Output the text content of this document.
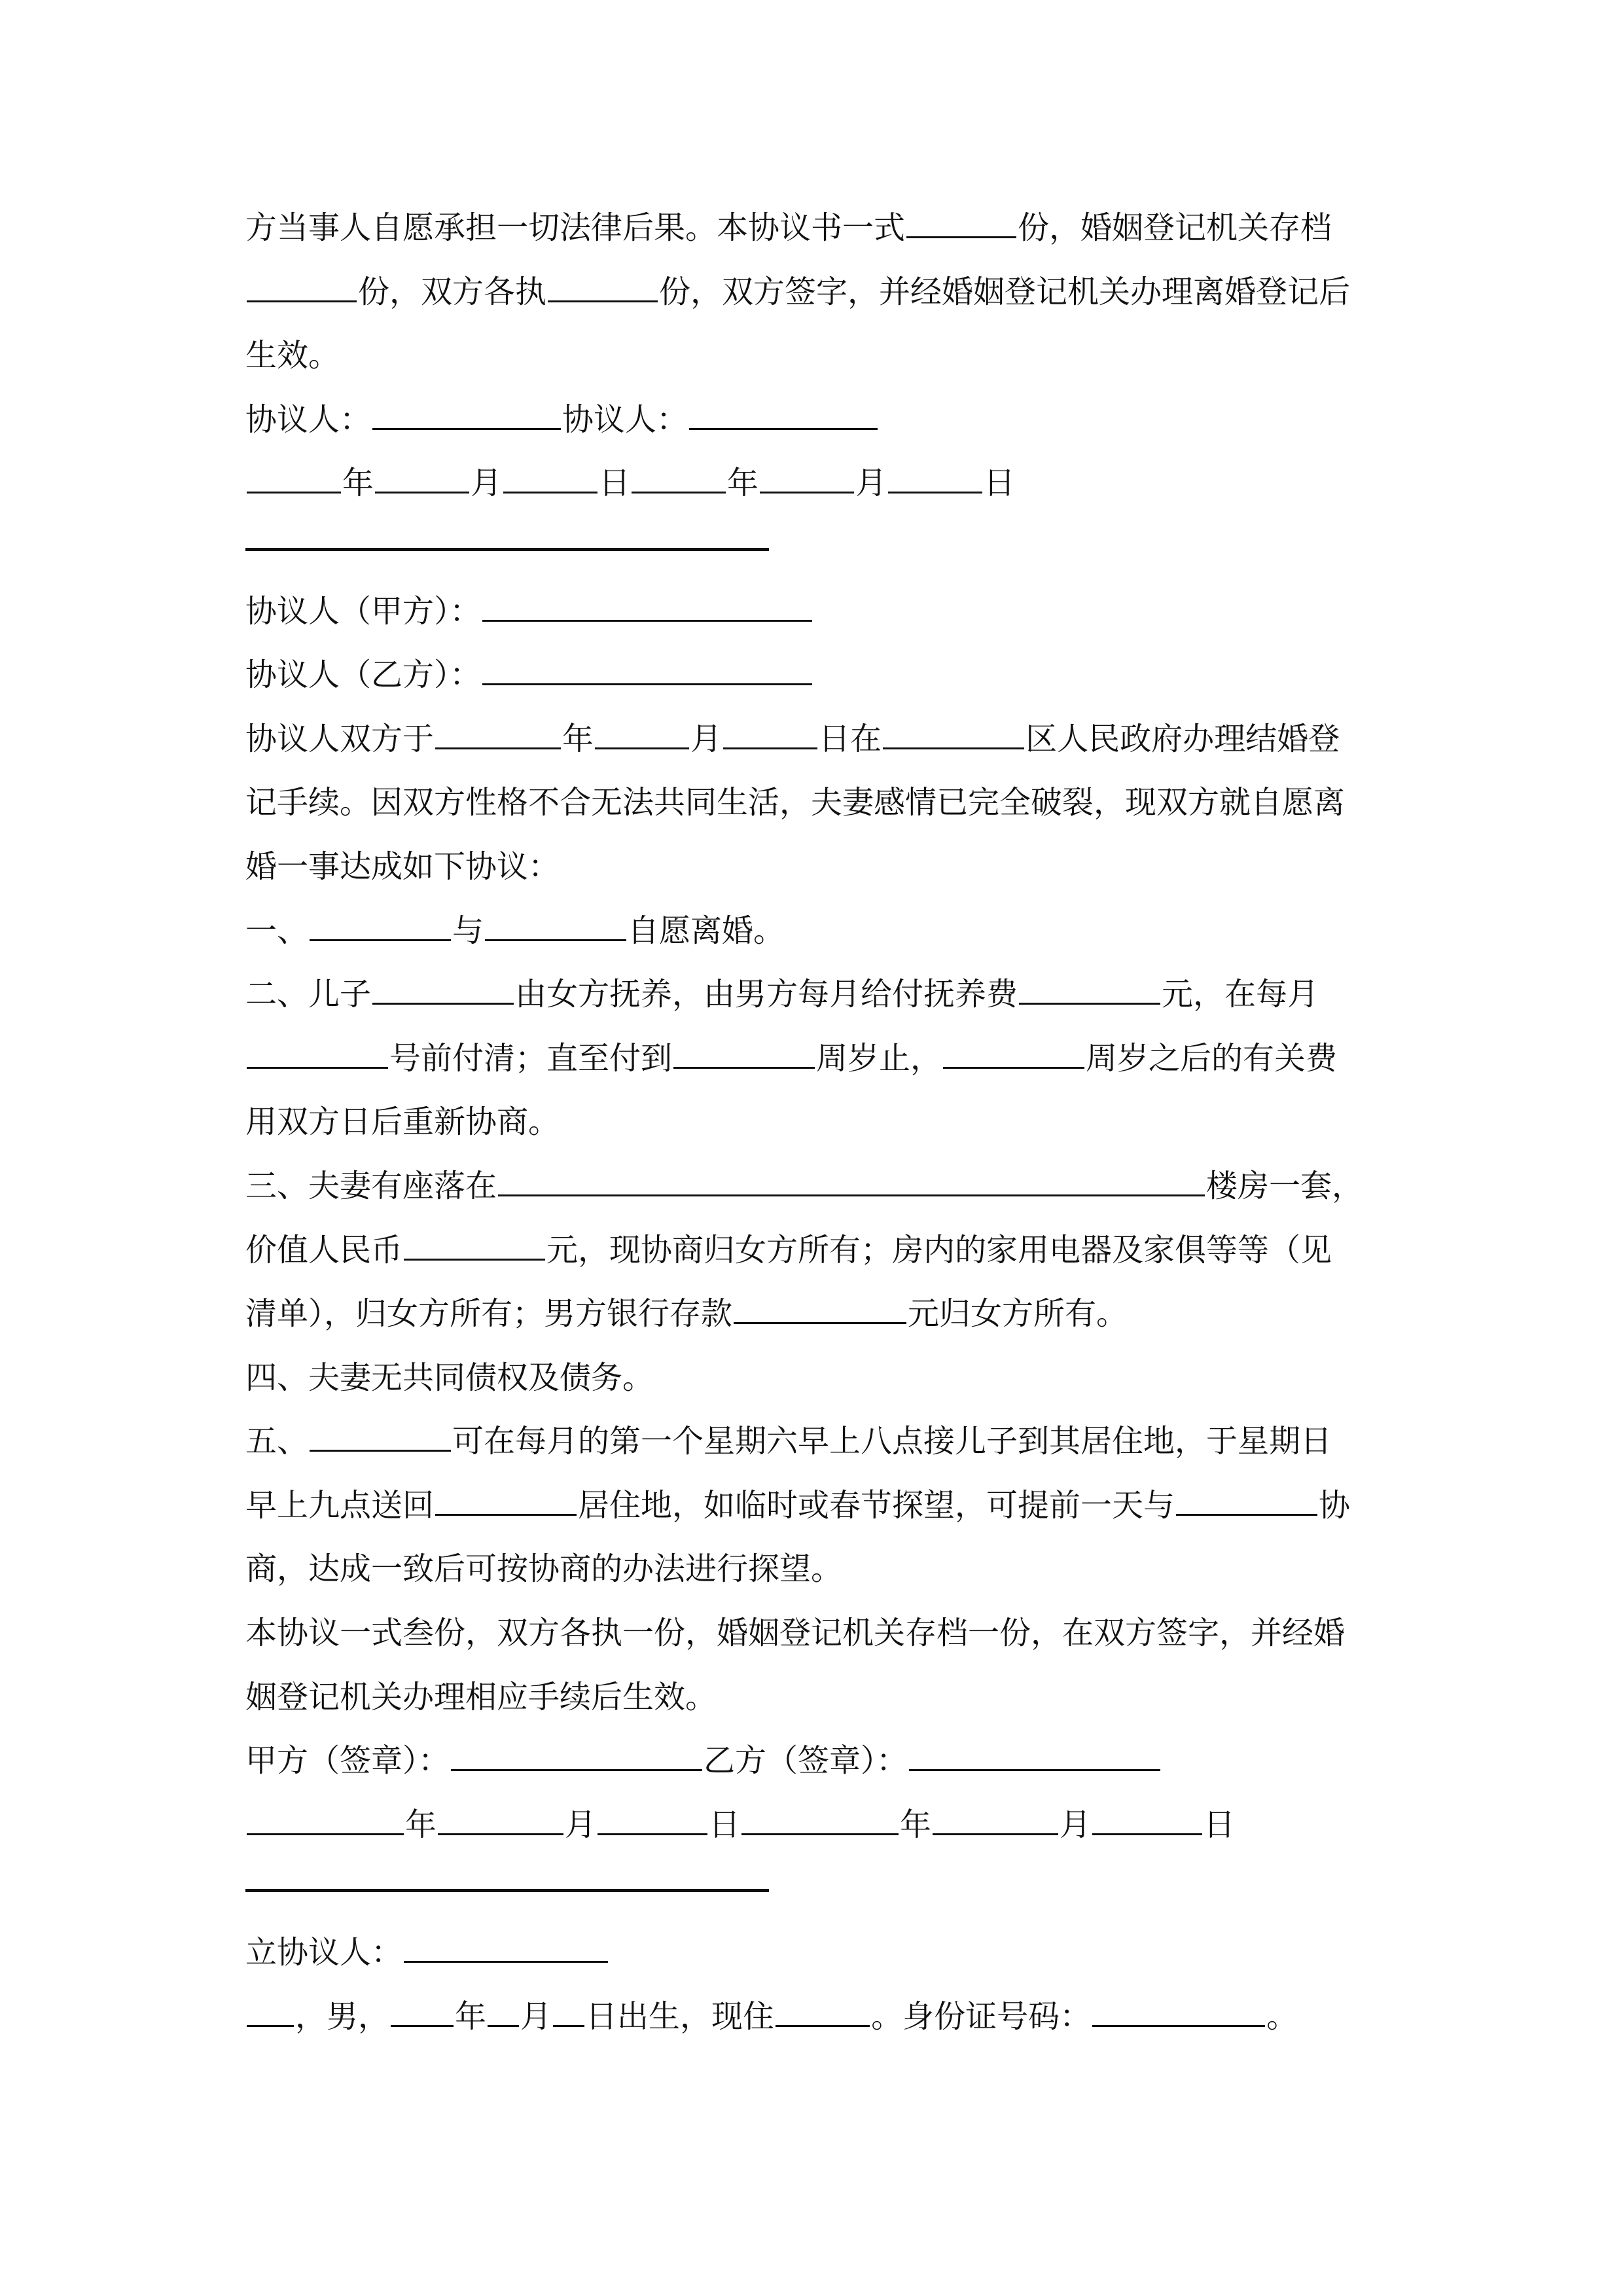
方当事人自愿承担一切法律后果。本协议书一式	份，婚姻登记机关存档
份，双方各执	份，双方签字，并经婚姻登记机关办理离婚登记后
生效。
协议人：	协议人：
年	月	日	年	月	日
协议人（甲方）：
协议人（乙方）：
协议人双方于	年	月	日在	区人民政府办理结婚登
记手续。因双方性格不合无法共同生活，夫妻感情已完全破裂，现双方就自愿离
婚一事达成如下协议：
一、	与	自愿离婚。
二、儿子	由女方抚养，由男方每月给付抚养费	元，在每月
号前付清；直至付到	周岁止，	周岁之后的有关费
用双方日后重新协商。
三、夫妻有座落在	楼房一套，
价值人民币	元，现协商归女方所有；房内的家用电器及家俱等等（见
清单），归女方所有；男方银行存款	元归女方所有。
四、夫妻无共同债权及债务。
五、	可在每月的第一个星期六早上八点接儿子到其居住地，于星期日
早上九点送回	居住地，如临时或春节探望，可提前一天与	协
商，达成一致后可按协商的办法进行探望。
本协议一式叁份，双方各执一份，婚姻登记机关存档一份，在双方签字，并经婚
姻登记机关办理相应手续后生效。
甲方（签章）：	乙方（签章）：
年	月	日	年	月	日
立协议人：
，男， 年 月 日出生，现住	。身份证号码：	。
